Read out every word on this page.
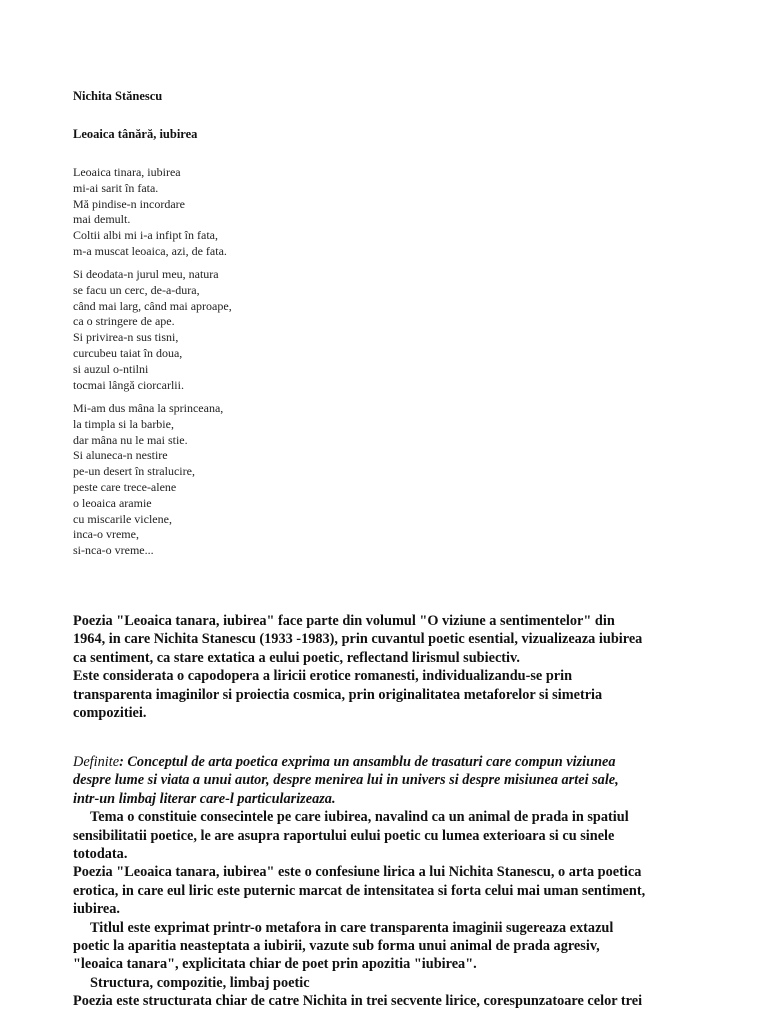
Nichita Stănescu
Leoaica tânără, iubirea
Leoaica tinara, iubirea
mi-ai sarit în fata.
Mă pindise-n incordare
mai demult.
Coltii albi mi i-a infipt în fata,
m-a muscat leoaica, azi, de fata.
Si deodata-n jurul meu, natura
se facu un cerc, de-a-dura,
când mai larg, când mai aproape,
ca o stringere de ape.
Si privirea-n sus tisni,
curcubeu taiat în doua,
si auzul o-ntilni
tocmai lângă ciorcarlii.
Mi-am dus mâna la sprinceana,
la timpla si la barbie,
dar mâna nu le mai stie.
Si aluneca-n nestire
pe-un desert în stralucire,
peste care trece-alene
o leoaica aramie
cu miscarile viclene,
inca-o vreme,
si-nca-o vreme...
Poezia "Leoaica tanara, iubirea" face parte din volumul "O viziune a sentimentelor" din
1964, in care Nichita Stanescu (1933 -1983), prin cuvantul poetic esential, vizualizeaza iubirea
ca sentiment, ca stare extatica a eului poetic, reflectand lirismul subiectiv.
Este considerata o capodopera a liricii erotice romanesti, individualizandu-se prin
transparenta imaginilor si proiectia cosmica, prin originalitatea metaforelor si simetria
compozitiei.
Definite: Conceptul de arta poetica exprima un ansamblu de trasaturi care compun viziunea
despre lume si viata a unui autor, despre menirea lui in univers si despre misiunea artei sale,
intr-un limbaj literar care-l particularizeaza.
Tema o constituie consecintele pe care iubirea, navalind ca un animal de prada in spatiul
sensibilitatii poetice, le are asupra raportului eului poetic cu lumea exterioara si cu sinele
totodata.
Poezia "Leoaica tanara, iubirea" este o confesiune lirica a lui Nichita Stanescu, o arta poetica
erotica, in care eul liric este puternic marcat de intensitatea si forta celui mai uman sentiment,
iubirea.
Titlul este exprimat printr-o metafora in care transparenta imaginii sugereaza extazul
poetic la aparitia neasteptata a iubirii, vazute sub forma unui animal de prada agresiv,
"leoaica tanara", explicitata chiar de poet prin apozitia "iubirea".
Structura, compozitie, limbaj poetic
Poezia este structurata chiar de catre Nichita in trei secvente lirice, corespunzatoare celor trei
